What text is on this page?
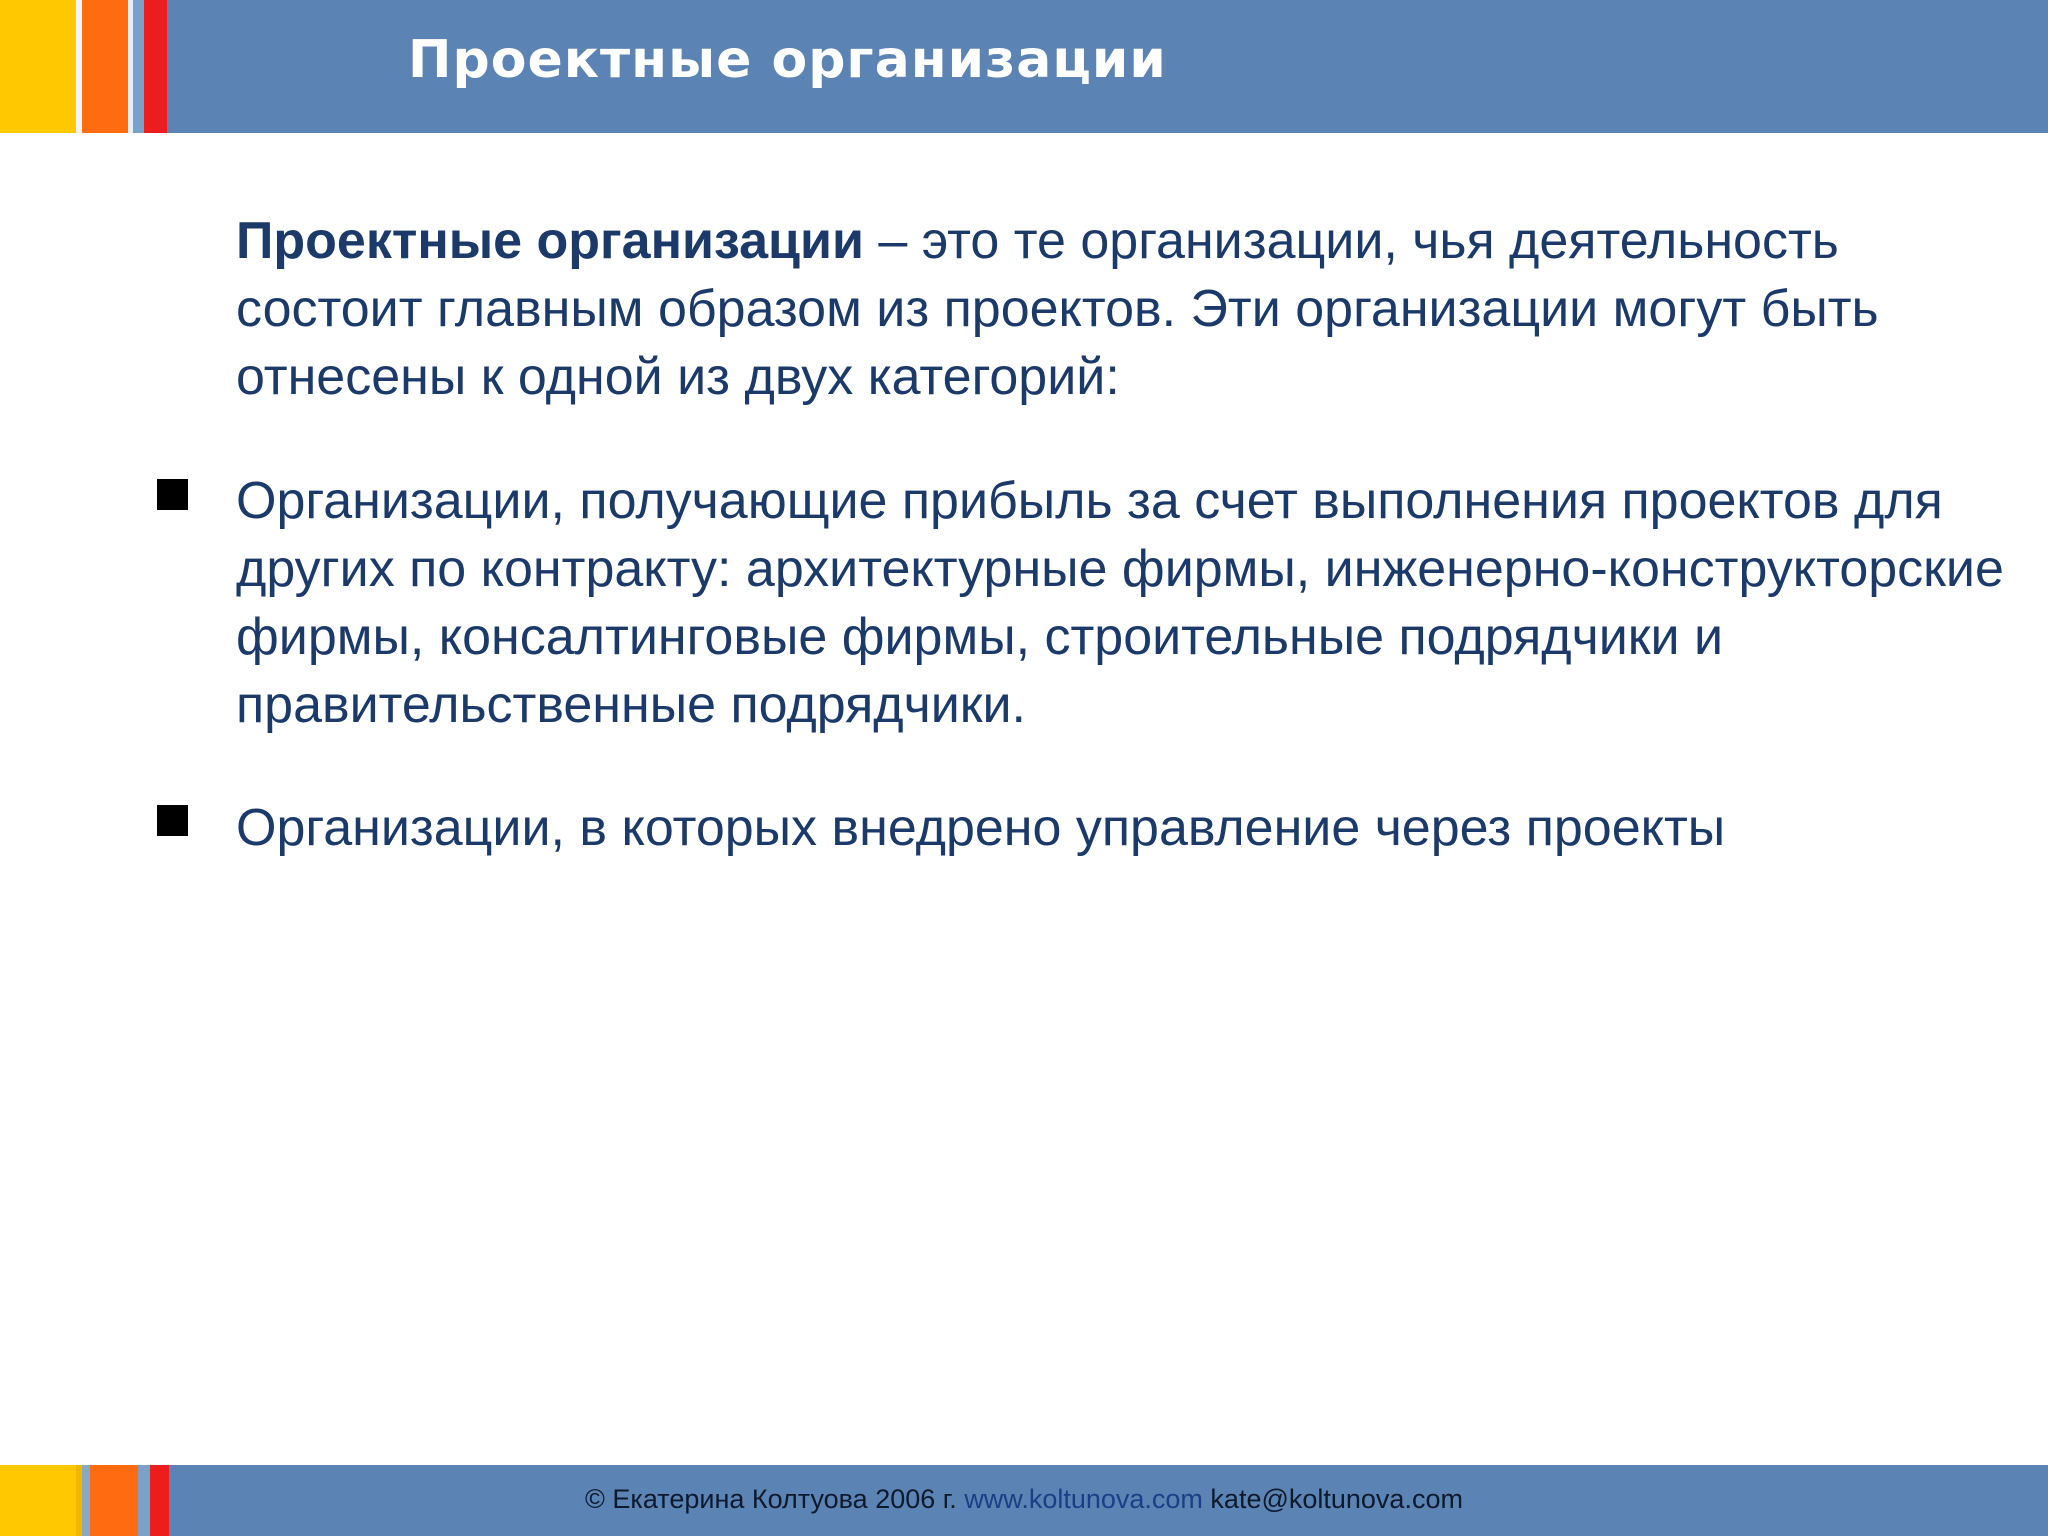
Проектные организации
Проектные организации – это те организации, чья деятельность состоит главным образом из проектов. Эти организации могут быть отнесены к одной из двух категорий:
Организации, получающие прибыль за счет выполнения проектов для других по контракту: архитектурные фирмы, инженерно-конструкторские фирмы, консалтинговые фирмы, строительные подрядчики и правительственные подрядчики.
Организации, в которых внедрено управление через проекты
© Екатерина Колтуова 2006 г. www.koltunova.com kate@koltunova.com
